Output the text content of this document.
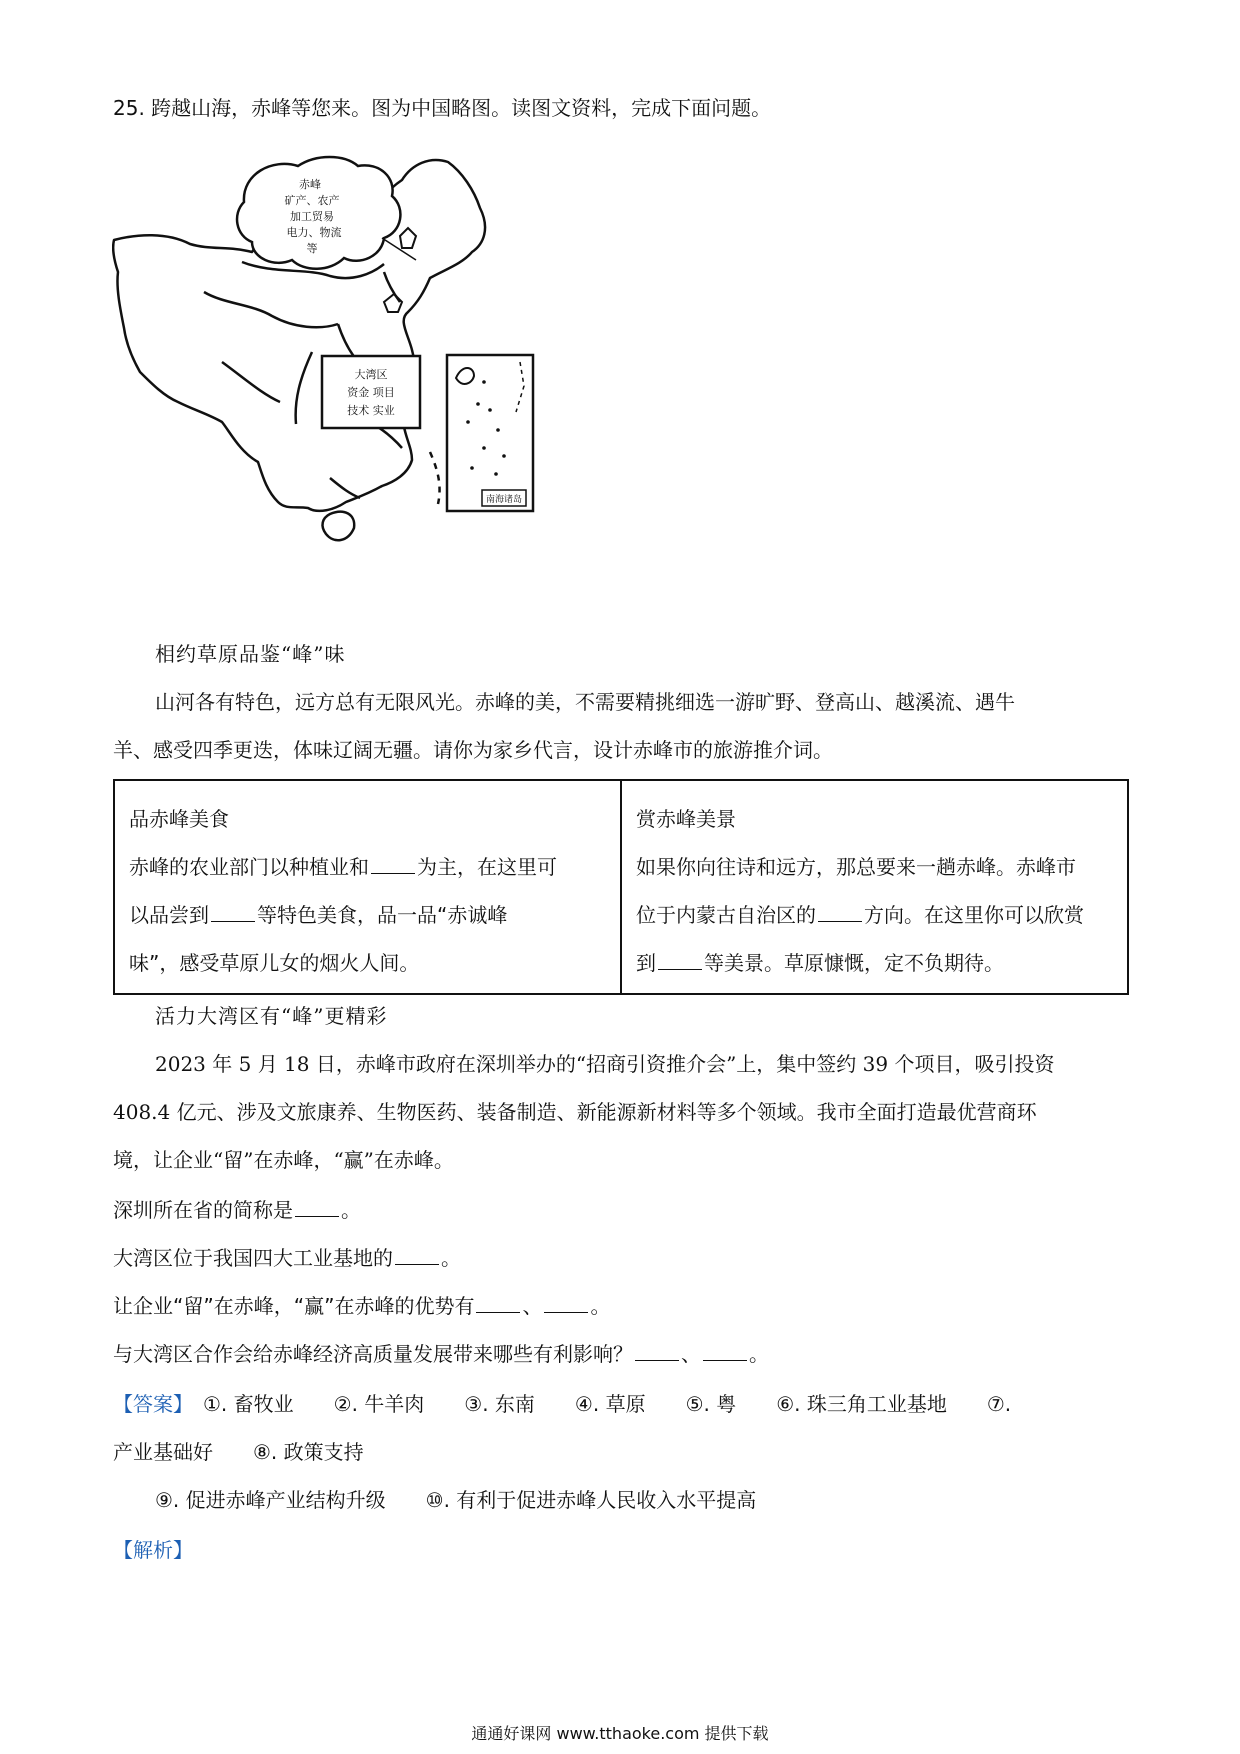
25. 跨越山海，赤峰等您来。图为中国略图。读图文资料，完成下面问题。
赤峰
矿产、农产
加工贸易
电力、物流
等
大湾区
资金 项目
技术 实业
南海诸岛
相约草原品鉴“峰”味
山河各有特色，远方总有无限风光。赤峰的美，不需要精挑细选一游旷野、登高山、越溪流、遇牛
羊、感受四季更迭，体味辽阔无疆。请你为家乡代言，设计赤峰市的旅游推介词。
品赤峰美食
赤峰的农业部门以种植业和 为主，在这里可
以品尝到 等特色美食，品一品“赤诚峰
味”，感受草原儿女的烟火人间。

赏赤峰美景
如果你向往诗和远方，那总要来一趟赤峰。赤峰市
位于内蒙古自治区的 方向。在这里你可以欣赏
到 等美景。草原慷慨，定不负期待。
活力大湾区有“峰”更精彩
2023 年 5 月 18 日，赤峰市政府在深圳举办的“招商引资推介会”上，集中签约 39 个项目，吸引投资
408.4 亿元、涉及文旅康养、生物医药、装备制造、新能源新材料等多个领域。我市全面打造最优营商环
境，让企业“留”在赤峰，“赢”在赤峰。
深圳所在省的简称是 。
大湾区位于我国四大工业基地的 。
让企业“留”在赤峰，“赢”在赤峰的优势有 、 。
与大湾区合作会给赤峰经济高质量发展带来哪些有利影响？ 、 。
【答案】　 ①. 畜牧业　　②. 牛羊肉　　③. 东南　　④. 草原　　⑤. 粤　　⑥. 珠三角工业基地　　⑦.
产业基础好　　⑧. 政策支持
⑨. 促进赤峰产业结构升级　　⑩. 有利于促进赤峰人民收入水平提高
【解析】
通通好课网 www.tthaoke.com 提供下载
